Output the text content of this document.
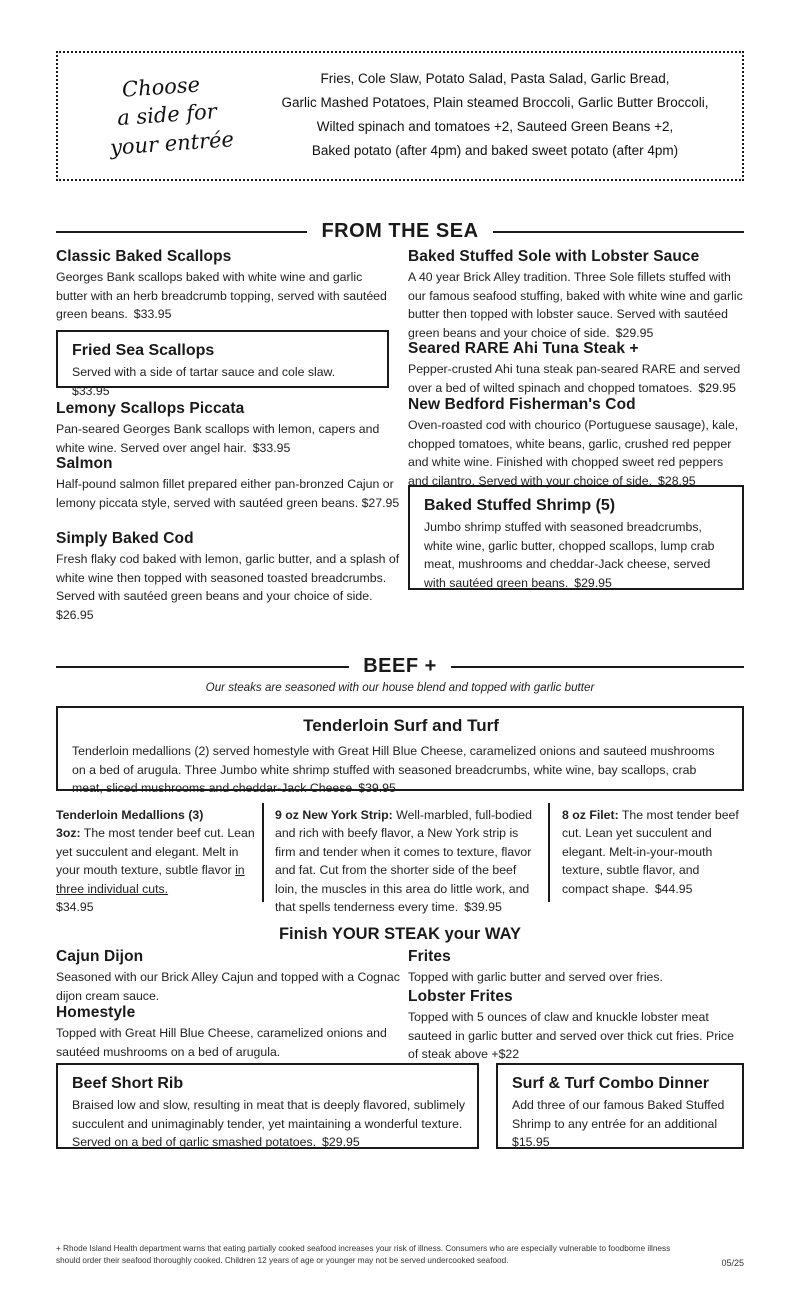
Choose
a side for
your entrée
Fries, Cole Slaw, Potato Salad, Pasta Salad, Garlic Bread,
Garlic Mashed Potatoes, Plain steamed Broccoli, Garlic Butter Broccoli,
Wilted spinach and tomatoes +2, Sauteed Green Beans +2,
Baked potato (after 4pm) and baked sweet potato (after 4pm)
FROM THE SEA
Classic Baked Scallops

Georges Bank scallops baked with white wine and garlic butter with an herb breadcrumb topping, served with sautéed green beans. $33.95

Fried Sea Scallops

Served with a side of tartar sauce and cole slaw.$33.95

Lemony Scallops Piccata

Pan-seared Georges Bank scallops with lemon, capers and white wine. Served over angel hair. $33.95

Salmon

Half-pound salmon fillet prepared either pan-bronzed Cajun or lemony piccata style, served with sautéed green beans. $27.95

Simply Baked Cod

Fresh flaky cod baked with lemon, garlic butter, and a splash of white wine then topped with seasoned toasted breadcrumbs. Served with sautéed green beans and your choice of side.$26.95

Baked Stuffed Sole with Lobster Sauce

A 40 year Brick Alley tradition. Three Sole fillets stuffed with our famous seafood stuffing, baked with white wine and garlic butter then topped with lobster sauce. Served with sautéed green beans and your choice of side. $29.95

Seared RARE Ahi Tuna Steak +

Pepper-crusted Ahi tuna steak pan-seared RARE and served over a bed of wilted spinach and chopped tomatoes. $29.95

New Bedford Fisherman's Cod

Oven-roasted cod with chourico (Portuguese sausage), kale, chopped tomatoes, white beans, garlic, crushed red pepper and white wine. Finished with chopped sweet red peppers and cilantro. Served with your choice of side. $28.95

Baked Stuffed Shrimp (5)

Jumbo shrimp stuffed with seasoned breadcrumbs, white wine, garlic butter, chopped scallops, lump crab meat, mushrooms and cheddar-Jack cheese, served with sautéed green beans. $29.95

BEEF +
Our steaks are seasoned with our house blend and topped with garlic butter
Tenderloin Surf and Turf

Tenderloin medallions (2) served homestyle with Great Hill Blue Cheese, caramelized onions and sauteed mushrooms on a bed of arugula. Three Jumbo white shrimp stuffed with seasoned breadcrumbs, white wine, bay scallops, crab meat, sliced mushrooms and cheddar-Jack Cheese $39.95

Tenderloin Medallions (3)

3oz: The most tender beef cut. Lean yet succulent and elegant. Melt in your mouth texture, subtle flavor in three individual cuts.

$34.95

9 oz New York Strip: Well-marbled, full-bodied and rich with beefy flavor, a New York strip is firm and tender when it comes to texture, flavor and fat. Cut from the shorter side of the beef loin, the muscles in this area do little work, and that spells tenderness every time. $39.95

8 oz Filet: The most tender beef cut. Lean yet succulent and elegant. Melt-in-your-mouth texture, subtle flavor, and compact shape. $44.95

Finish YOUR STEAK your WAY
Cajun Dijon

Seasoned with our Brick Alley Cajun and topped with a Cognac dijon cream sauce.

Homestyle

Topped with Great Hill Blue Cheese, caramelized onions and sautéed mushrooms on a bed of arugula.

Frites

Topped with garlic butter and served over fries.

Lobster Frites

Topped with 5 ounces of claw and knuckle lobster meat sauteed in garlic butter and served over thick cut fries. Price of steak above +$22

Beef Short Rib

Braised low and slow, resulting in meat that is deeply flavored, sublimely succulent and unimaginably tender, yet maintaining a wonderful texture. Served on a bed of garlic smashed potatoes. $29.95

Surf & Turf Combo Dinner

Add three of our famous Baked Stuffed Shrimp to any entrée for an additional $15.95

+ Rhode Island Health department warns that eating partially cooked seafood increases your risk of illness. Consumers who are especially vulnerable to foodborne illness should order their seafood thoroughly cooked. Children 12 years of age or younger may not be served undercooked seafood.	05/25
